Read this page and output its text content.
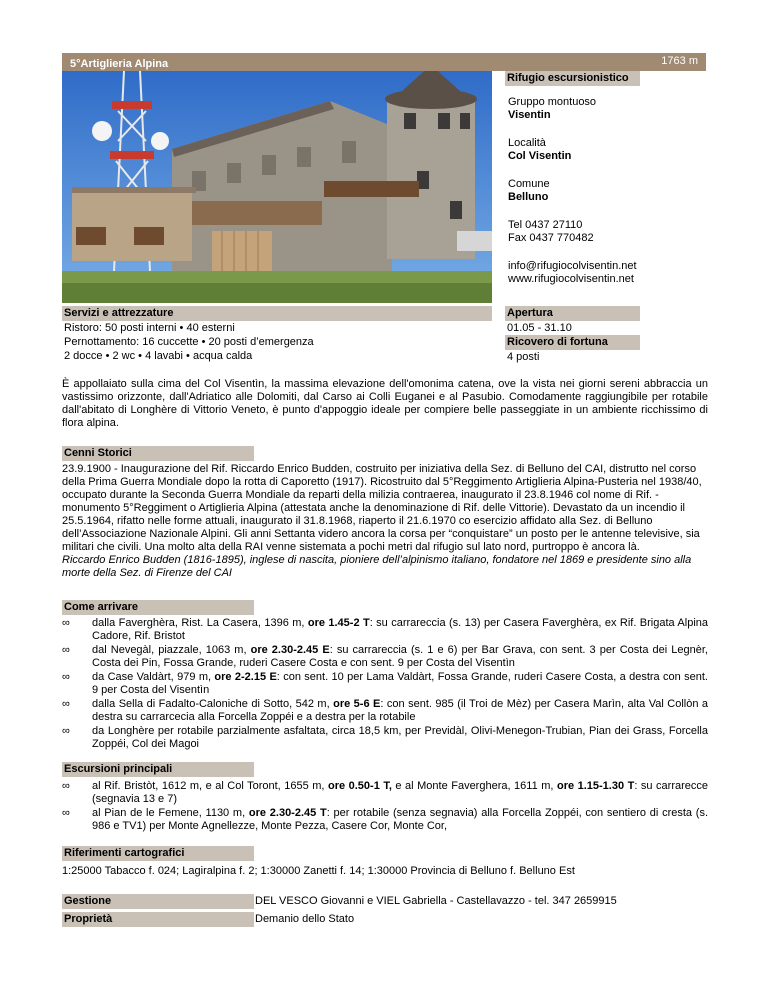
5°Artiglieria Alpina	1763 m
Rifugio escursionistico
Gruppo montuoso
Visentin
Località
Col Visentin
Comune
Belluno
Tel 0437 27110
Fax 0437 770482
info@rifugiocolvisentin.net
www.rifugiocolvisentin.net
Servizi e attrezzature
Ristoro: 50 posti interni • 40 esterni
Pernottamento: 16 cuccette • 20 posti d’emergenza
2 docce • 2 wc • 4 lavabi • acqua calda
Apertura
01.05 - 31.10
Ricovero di fortuna
4 posti
È appollaiato sulla cima del Col Visentìn, la massima elevazione dell'omonima catena, ove la vista nei giorni sereni abbraccia un vastissimo orizzonte, dall'Adriatico alle Dolomiti, dal Carso ai Colli Euganei e al Pasubio. Comodamente raggiungibile per rotabile dall'abitato di Longhère di Vittorio Veneto, è punto d'appoggio ideale per compiere belle passeggiate in un ambiente ricchissimo di flora alpina.
Cenni Storici
23.9.1900 - Inaugurazione del Rif. Riccardo Enrico Budden, costruito per iniziativa della Sez. di Belluno del CAI, distrutto nel corso della Prima Guerra Mondiale dopo la rotta di Caporetto (1917). Ricostruito dal 5°Reggimento Artiglieria Alpina-Pusteria nel 1938/40, occupato durante la Seconda Guerra Mondiale da reparti della milizia contraerea, inaugurato il 23.8.1946 col nome di Rif. - monumento 5°Reggiment o Artiglieria Alpina (attestata anche la denominazione di Rif. delle Vittorie). Devastato da un incendio il 25.5.1964, rifatto nelle forme attuali, inaugurato il 31.8.1968, riaperto il 21.6.1970 co esercizio affidato alla Sez. di Belluno dell’Associazione Nazionale Alpini. Gli anni Settanta videro ancora la corsa per “conquistare” un posto per le antenne televisive, sia militari che civili. Una molto alta della RAI venne sistemata a pochi metri dal rifugio sul lato nord, purtroppo è ancora là.
Riccardo Enrico Budden (1816-1895), inglese di nascita, pioniere dell’alpinismo italiano, fondatore nel 1869 e presidente sino alla morte della Sez. di Firenze del CAI
Come arrivare
∞ dalla Faverghèra, Rist. La Casera, 1396 m, ore 1.45-2 T: su carrareccia (s. 13) per Casera Faverghèra, ex Rif. Brigata Alpina Cadore, Rif. Bristot
∞ dal Nevegàl, piazzale, 1063 m, ore 2.30-2.45 E: su carrareccia (s. 1 e 6) per Bar Grava, con sent. 3 per Costa dei Legnèr, Costa dei Pin, Fossa Grande, ruderi Casere Costa e con sent. 9 per Costa del Visentìn
∞ da Case Valdàrt, 979 m, ore 2-2.15 E: con sent. 10 per Lama Valdàrt, Fossa Grande, ruderi Casere Costa, a destra con sent. 9 per Costa del Visentìn
∞ dalla Sella di Fadalto-Caloniche di Sotto, 542 m, ore 5-6 E: con sent. 985 (il Troi de Mèz) per Casera Marìn, alta Val Collòn a destra su carrarcecia alla Forcella Zoppéi e a destra per la rotabile
∞ da Longhère per rotabile parzialmente asfaltata, circa 18,5 km, per Previdàl, Olivi-Menegon-Trubian, Pian dei Grass, Forcella Zoppéi, Col dei Magoi
Escursioni principali
∞ al Rif. Bristòt, 1612 m, e al Col Toront, 1655 m, ore 0.50-1 T, e al Monte Faverghera, 1611 m, ore 1.15-1.30 T: su carrarecce (segnavia 13 e 7)
∞ al Pian de le Femene, 1130 m, ore 2.30-2.45 T: per rotabile (senza segnavia) alla Forcella Zoppéi, con sentiero di cresta (s. 986 e TV1) per Monte Agnellezze, Monte Pezza, Casere Cor, Monte Cor,
Riferimenti cartografici
1:25000 Tabacco f. 024; Lagiralpina f. 2; 1:30000 Zanetti f. 14; 1:30000 Provincia di Belluno f. Belluno Est
Gestione	DEL VESCO Giovanni e VIEL Gabriella - Castellavazzo - tel. 347 2659915
Proprietà	Demanio dello Stato
